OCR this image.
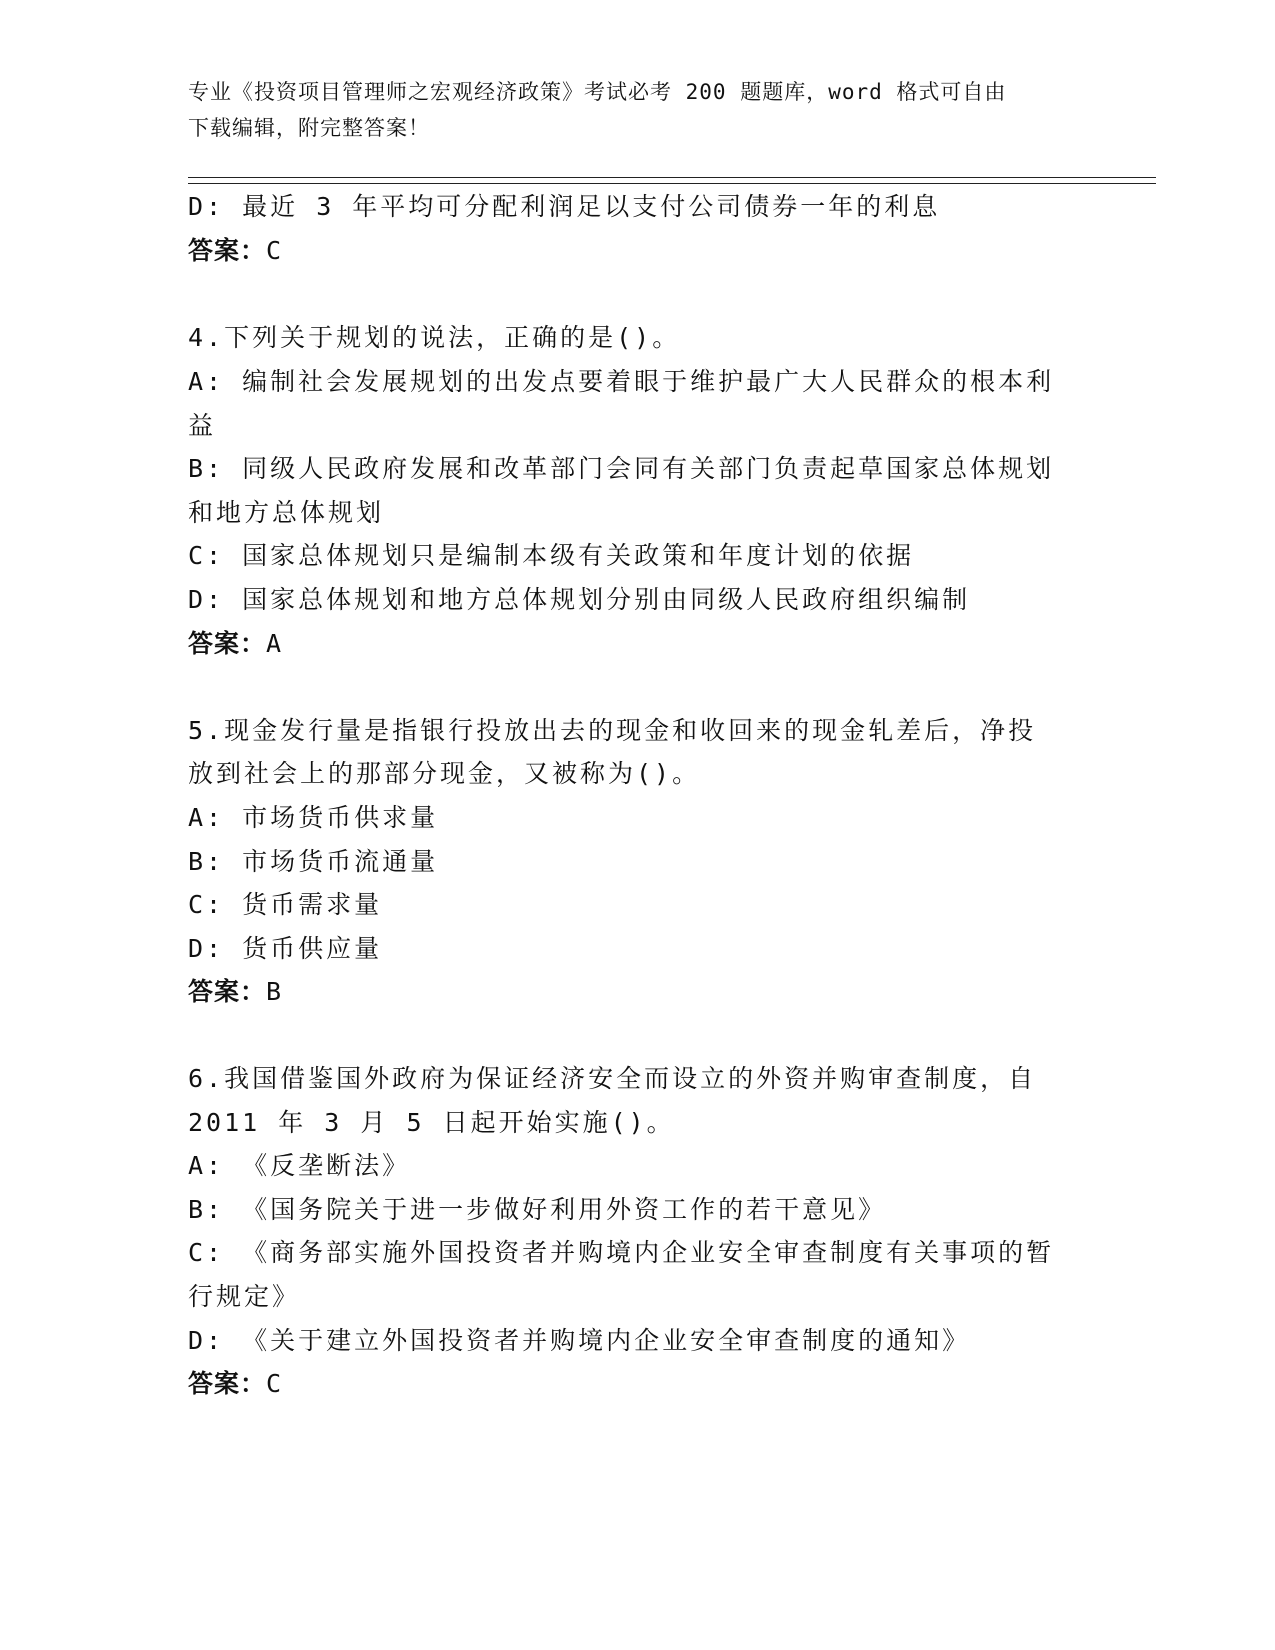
专业《投资项目管理师之宏观经济政策》考试必考 200 题题库，word 格式可自由
下载编辑，附完整答案！
D: 最近 3 年平均可分配利润足以支付公司债券一年的利息
答案：C
4.下列关于规划的说法，正确的是()。
A: 编制社会发展规划的出发点要着眼于维护最广大人民群众的根本利
益
B: 同级人民政府发展和改革部门会同有关部门负责起草国家总体规划
和地方总体规划
C: 国家总体规划只是编制本级有关政策和年度计划的依据
D: 国家总体规划和地方总体规划分别由同级人民政府组织编制
答案：A
5.现金发行量是指银行投放出去的现金和收回来的现金轧差后，净投
放到社会上的那部分现金，又被称为()。
A: 市场货币供求量
B: 市场货币流通量
C: 货币需求量
D: 货币供应量
答案：B
6.我国借鉴国外政府为保证经济安全而设立的外资并购审查制度，自
2011 年 3 月 5 日起开始实施()。
A: 《反垄断法》
B: 《国务院关于进一步做好利用外资工作的若干意见》
C: 《商务部实施外国投资者并购境内企业安全审查制度有关事项的暂
行规定》
D: 《关于建立外国投资者并购境内企业安全审查制度的通知》
答案：C
